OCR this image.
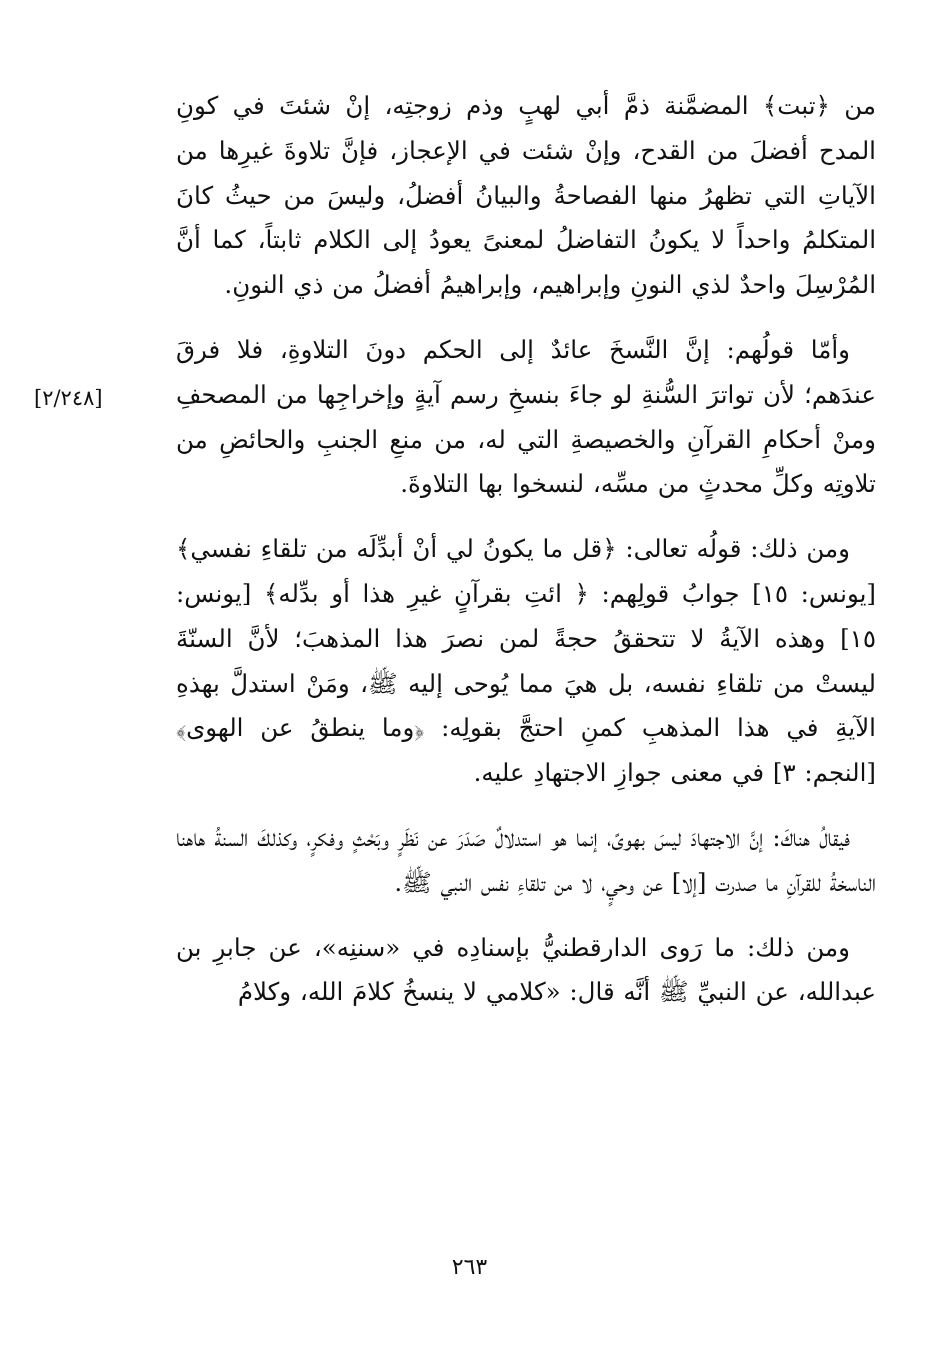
[٢/٢٤٨]

من ﴿تبت﴾ المضمَّنة ذمَّ أبي لهبٍ وذم زوجتِه، إنْ شئتَ في كونِ المدح أفضلَ من القدح، وإنْ شئت في الإعجاز، فإنَّ تلاوةَ غيرِها من الآياتِ التي تظهرُ منها الفصاحةُ والبيانُ أفضلُ، وليسَ من حيثُ كانَ المتكلمُ واحداً لا يكونُ التفاضلُ لمعنىً يعودُ إلى الكلام ثابتاً، كما أنَّ المُرْسِلَ واحدٌ لذي النونِ وإبراهيم، وإبراهيمُ أفضلُ من ذي النونِ.

وأمّا قولُهم: إنَّ النَّسخَ عائدٌ إلى الحكم دونَ التلاوةِ، فلا فرقَ عندَهم؛ لأن تواترَ السُّنةِ لو جاءَ بنسخِ رسم آيةٍ وإخراجِها من المصحفِ ومنْ أحكامِ القرآنِ والخصيصةِ التي له، من منعِ الجنبِ والحائضِ من تلاوتِه وكلِّ محدثٍ من مسِّه، لنسخوا بها التلاوةَ.

ومن ذلك: قولُه تعالى: ﴿قل ما يكونُ لي أنْ أبدِّلَه من تلقاءِ نفسي﴾ [يونس: ١٥] جوابُ قولِهم: ﴿ ائتِ بقرآنٍ غيرِ هذا أو بدِّله﴾ [يونس: ١٥] وهذه الآيةُ لا تتحققُ حجةً لمن نصرَ هذا المذهبَ؛ لأنَّ السنّةَ ليستْ من تلقاءِ نفسه، بل هيَ مما يُوحى إليه ﷺ، ومَنْ استدلَّ بهذهِ الآيةِ في هذا المذهبِ كمنِ احتجَّ بقولِه: ﴿وما ينطقُ عن الهوى﴾ [النجم: ٣] في معنى جوازِ الاجتهادِ عليه.

فيقالُ هناكَ: إنَّ الاجتهادَ ليسَ بهوىً، إنما هو استدلالٌ صَدَرَ عن نَظَرٍ وبَحْثٍ وفكرٍ، وكذلكَ السنةُ هاهنا الناسخةُ للقرآنِ ما صدرت [إلا] عن وحيٍ، لا من تلقاءِ نفس النبي ﷺ.

ومن ذلك: ما رَوى الدارقطنيُّ بإسنادِه في «سننِه»، عن جابرِ بن عبدالله، عن النبيِّ ﷺ أنَّه قال: «كلامي لا ينسخُ كلامَ الله، وكلامُ

٢٦٣
